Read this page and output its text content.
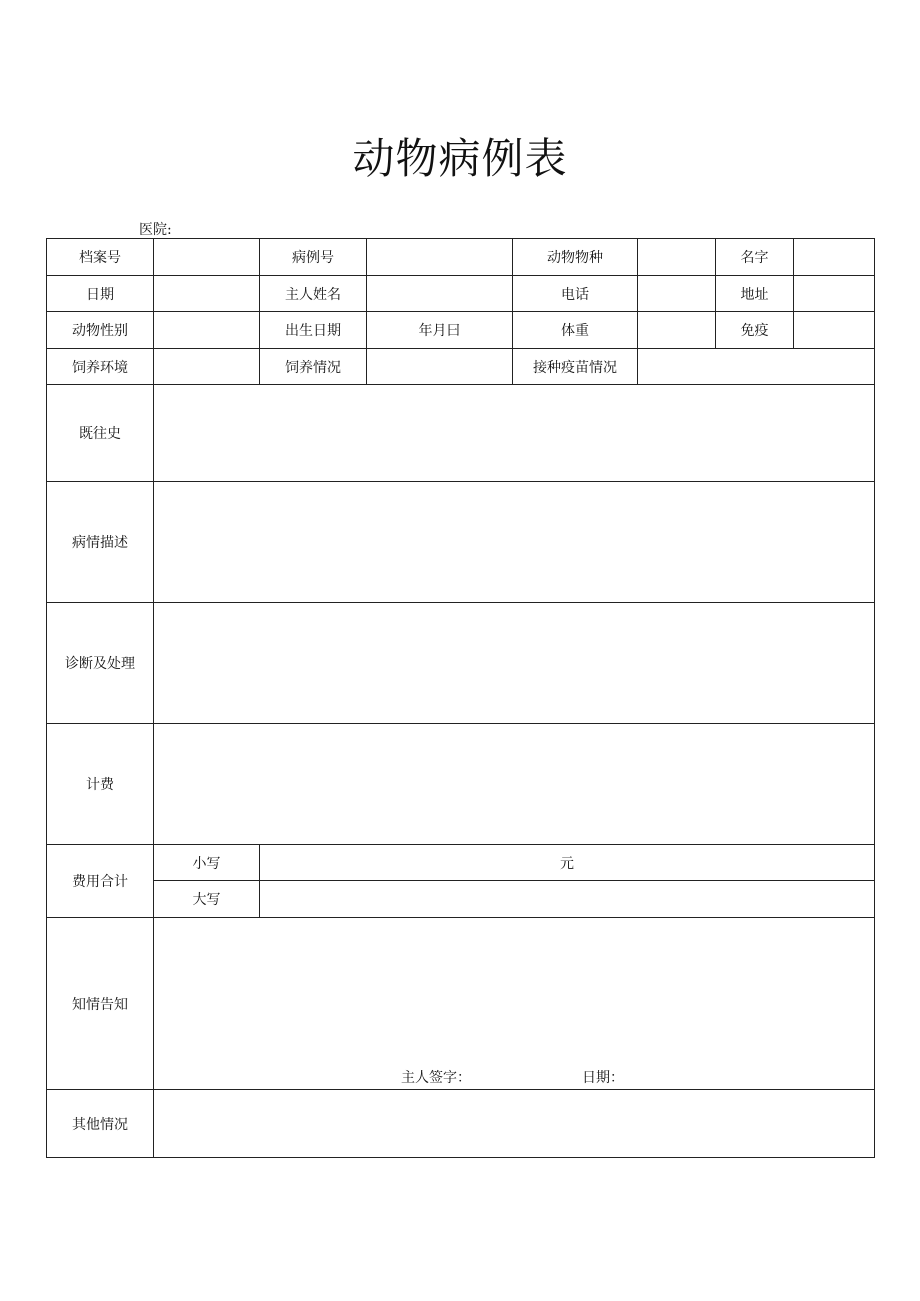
动物病例表
医院:
档案号		病例号		动物物种		名字	
日期		主人姓名		电话		地址	
动物性别		出生日期	年月曰	体重		免疫	
饲养环境		饲养情况		接种疫苗情况			
既往史							
病情描述							
诊断及处理							
计费							
费用合计	小写	元					
	大写						
知情告知	主人签字： 日期：						

其他情况							
